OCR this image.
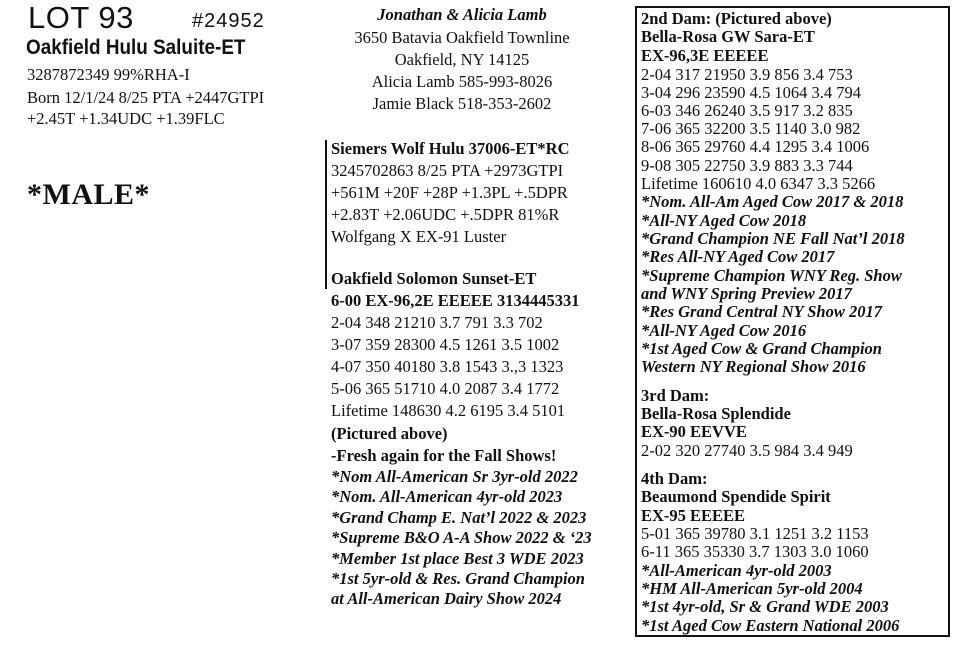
LOT 93	#24952
Oakfield Hulu Saluite-ET
3287872349 99%RHA-I
Born 12/1/24 8/25 PTA +2447GTPI
+2.45T +1.34UDC +1.39FLC
*MALE*
Jonathan & Alicia Lamb
3650 Batavia Oakfield Townline
Oakfield, NY 14125
Alicia Lamb 585-993-8026
Jamie Black 518-353-2602
Siemers Wolf Hulu 37006-ET*RC
3245702863 8/25 PTA +2973GTPI
+561M +20F +28P +1.3PL +.5DPR
+2.83T +2.06UDC +.5DPR 81%R
Wolfgang X EX-91 Luster
Oakfield Solomon Sunset-ET
6-00 EX-96,2E EEEEE 3134445331
2-04 348 21210 3.7 791 3.3 702
3-07 359 28300 4.5 1261 3.5 1002
4-07 350 40180 3.8 1543 3.,3 1323
5-06 365 51710 4.0 2087 3.4 1772
Lifetime 148630 4.2 6195 3.4 5101
(Pictured above)
-Fresh again for the Fall Shows!
*Nom All-American Sr 3yr-old 2022
*Nom. All-American 4yr-old 2023
*Grand Champ E. Nat’l 2022 & 2023
*Supreme B&O A-A Show 2022 & ‘23
*Member 1st place Best 3 WDE 2023
*1st 5yr-old & Res. Grand Champion
at All-American Dairy Show 2024
2nd Dam: (Pictured above)
Bella-Rosa GW Sara-ET
EX-96,3E EEEEE
2-04 317 21950 3.9 856 3.4 753
3-04 296 23590 4.5 1064 3.4 794
6-03 346 26240 3.5 917 3.2 835
7-06 365 32200 3.5 1140 3.0 982
8-06 365 29760 4.4 1295 3.4 1006
9-08 305 22750 3.9 883 3.3 744
Lifetime 160610 4.0 6347 3.3 5266
*Nom. All-Am Aged Cow 2017 & 2018
*All-NY Aged Cow 2018
*Grand Champion NE Fall Nat’l 2018
*Res All-NY Aged Cow 2017
*Supreme Champion WNY Reg. Show
and WNY Spring Preview 2017
*Res Grand Central NY Show 2017
*All-NY Aged Cow 2016
*1st Aged Cow & Grand Champion
Western NY Regional Show 2016
3rd Dam:
Bella-Rosa Splendide
EX-90 EEVVE
2-02 320 27740 3.5 984 3.4 949
4th Dam:
Beaumond Spendide Spirit
EX-95 EEEEE
5-01 365 39780 3.1 1251 3.2 1153
6-11 365 35330 3.7 1303 3.0 1060
*All-American 4yr-old 2003
*HM All-American 5yr-old 2004
*1st 4yr-old, Sr & Grand WDE 2003
*1st Aged Cow Eastern National 2006
